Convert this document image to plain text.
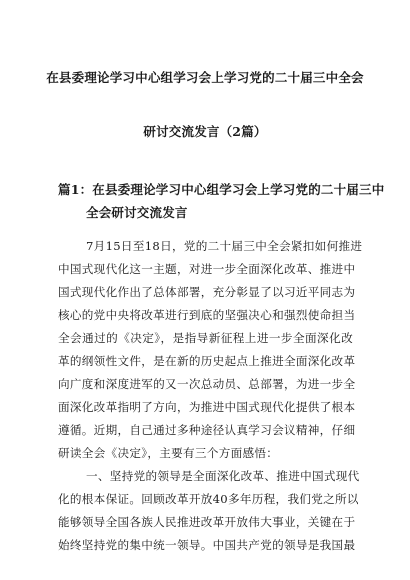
在县委理论学习中心组学习会上学习党的二十届三中全会
研讨交流发言（2篇）
篇1：在县委理论学习中心组学习会上学习党的二十届三中
全会研讨交流发言
7月15日至18日，党的二十届三中全会紧扣如何推进
中国式现代化这一主题，对进一步全面深化改革、推进中
国式现代化作出了总体部署，充分彰显了以习近平同志为
核心的党中央将改革进行到底的坚强决心和强烈使命担当
全会通过的《决定》，是指导新征程上进一步全面深化改
革的纲领性文件，是在新的历史起点上推进全面深化改革
向广度和深度进军的又一次总动员、总部署，为进一步全
面深化改革指明了方向，为推进中国式现代化提供了根本
遵循。近期，自己通过多种途径认真学习会议精神，仔细
研读全会《决定》，主要有三个方面感悟：
一、坚持党的领导是全面深化改革、推进中国式现代
化的根本保证。回顾改革开放40多年历程，我们党之所以
能够领导全国各族人民推进改革开放伟大事业，关键在于
始终坚持党的集中统一领导。中国共产党的领导是我国最
